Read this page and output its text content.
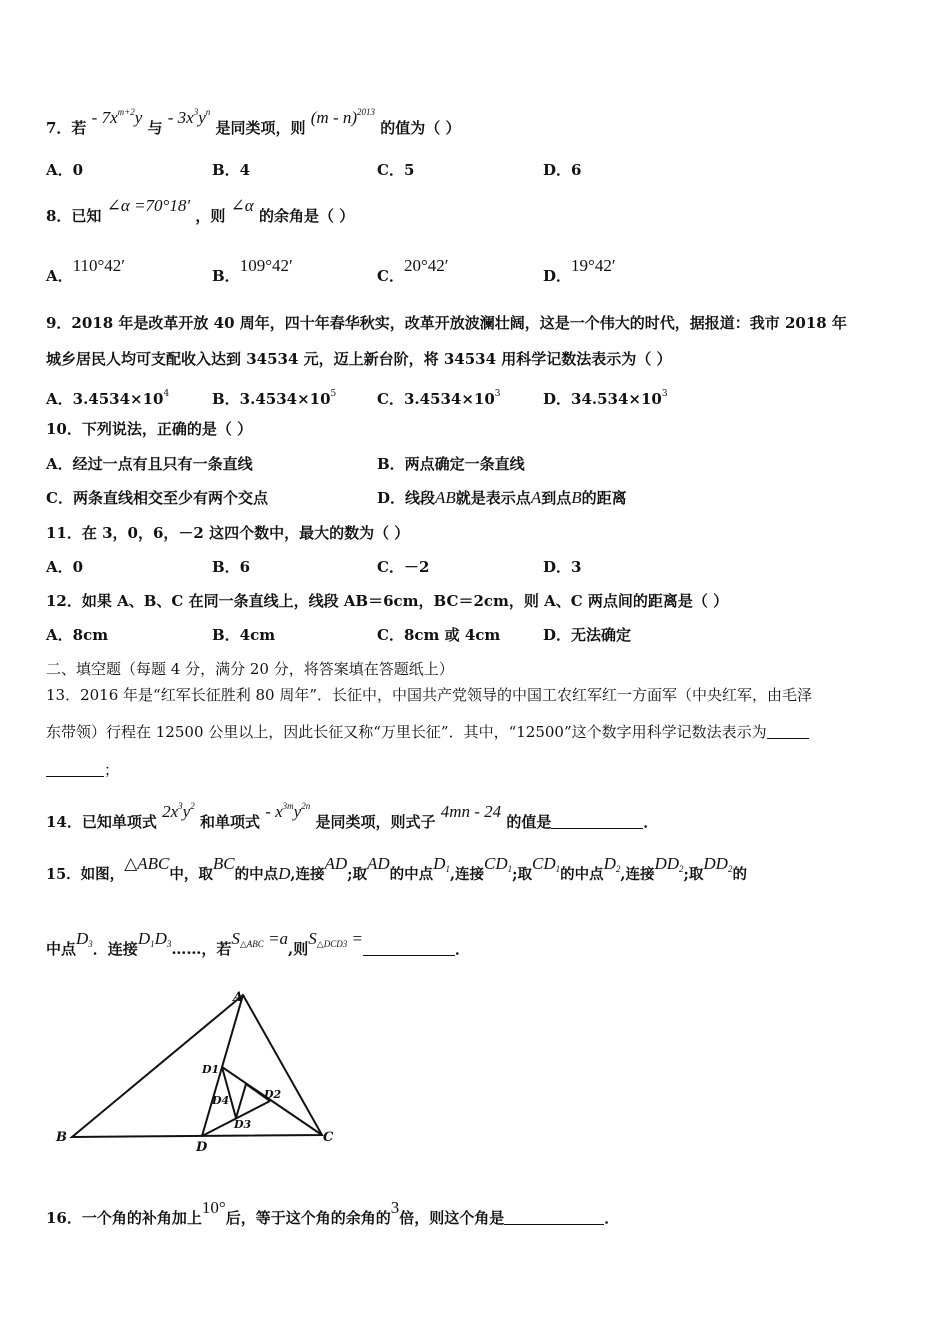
7．若 - $7x^{m+2}y$ 与 - $3x^3y^n$ 是同类项，则 (m - n)$^{2013}$ 的值为（ ）
A．0	B．4	C．5	D．6
8．已知 ∠α =70°18′ ，则 ∠α 的余角是（ ）
A．110°42′
B．109°42′
C．20°42′
D．19°42′
9．2018 年是改革开放 40 周年，四十年春华秋实，改革开放波澜壮阔，这是一个伟大的时代，据报道：我市 2018 年
城乡居民人均可支配收入达到 34534 元，迈上新台阶，将 34534 用科学记数法表示为（ ）
A．$3.4534\times 10^4$	B．$3.4534\times 10^5$	C．$3.4534\times 10^3$	D．$34.534\times 10^3$
10．下列说法，正确的是（ ）
A．经过一点有且只有一条直线	B．两点确定一条直线
C．两条直线相交至少有两个交点	D．线段AB就是表示点A到点B的距离
11．在 3，0，6，－2 这四个数中，最大的数为（ ）
A．0	B．6	C．－2	D．3
12．如果 A、B、C 在同一条直线上，线段 AB＝6cm，BC＝2cm，则 A、C 两点间的距离是（ ）
A．8cm	B．4cm	C．8cm 或 4cm	D．无法确定
二、填空题（每题 4 分，满分 20 分，将答案填在答题纸上）
13．2016 年是“红军长征胜利 80 周年”．长征中，中国共产党领导的中国工农红军红一方面军（中央红军，由毛泽
东带领）行程在 12500 公里以上，因此长征又称“万里长征”．其中，“12500”这个数字用科学记数法表示为
；
14．已知单项式 $2x^3y^2$ 和单项式 - $x^{3m}y^{2n}$ 是同类项，则式子 4mn - 24 的值是	．
15．如图，△ABC中，取BC的中点D,连接AD;取AD的中点$D_1$,连接$CD_1$;取$CD_1$的中点$D_2$,连接$DD_2$;取$DD_2$的
中点$D_3$．连接$D_1D_3\dots\dots$，若$S_{\triangle ABC} =a$,则$S_{\triangle DCD3}$ =．
A
B	C
D
D1
D2
D3
D4
16．一个角的补角加上10°后，等于这个角的余角的3倍，则这个角是	．
